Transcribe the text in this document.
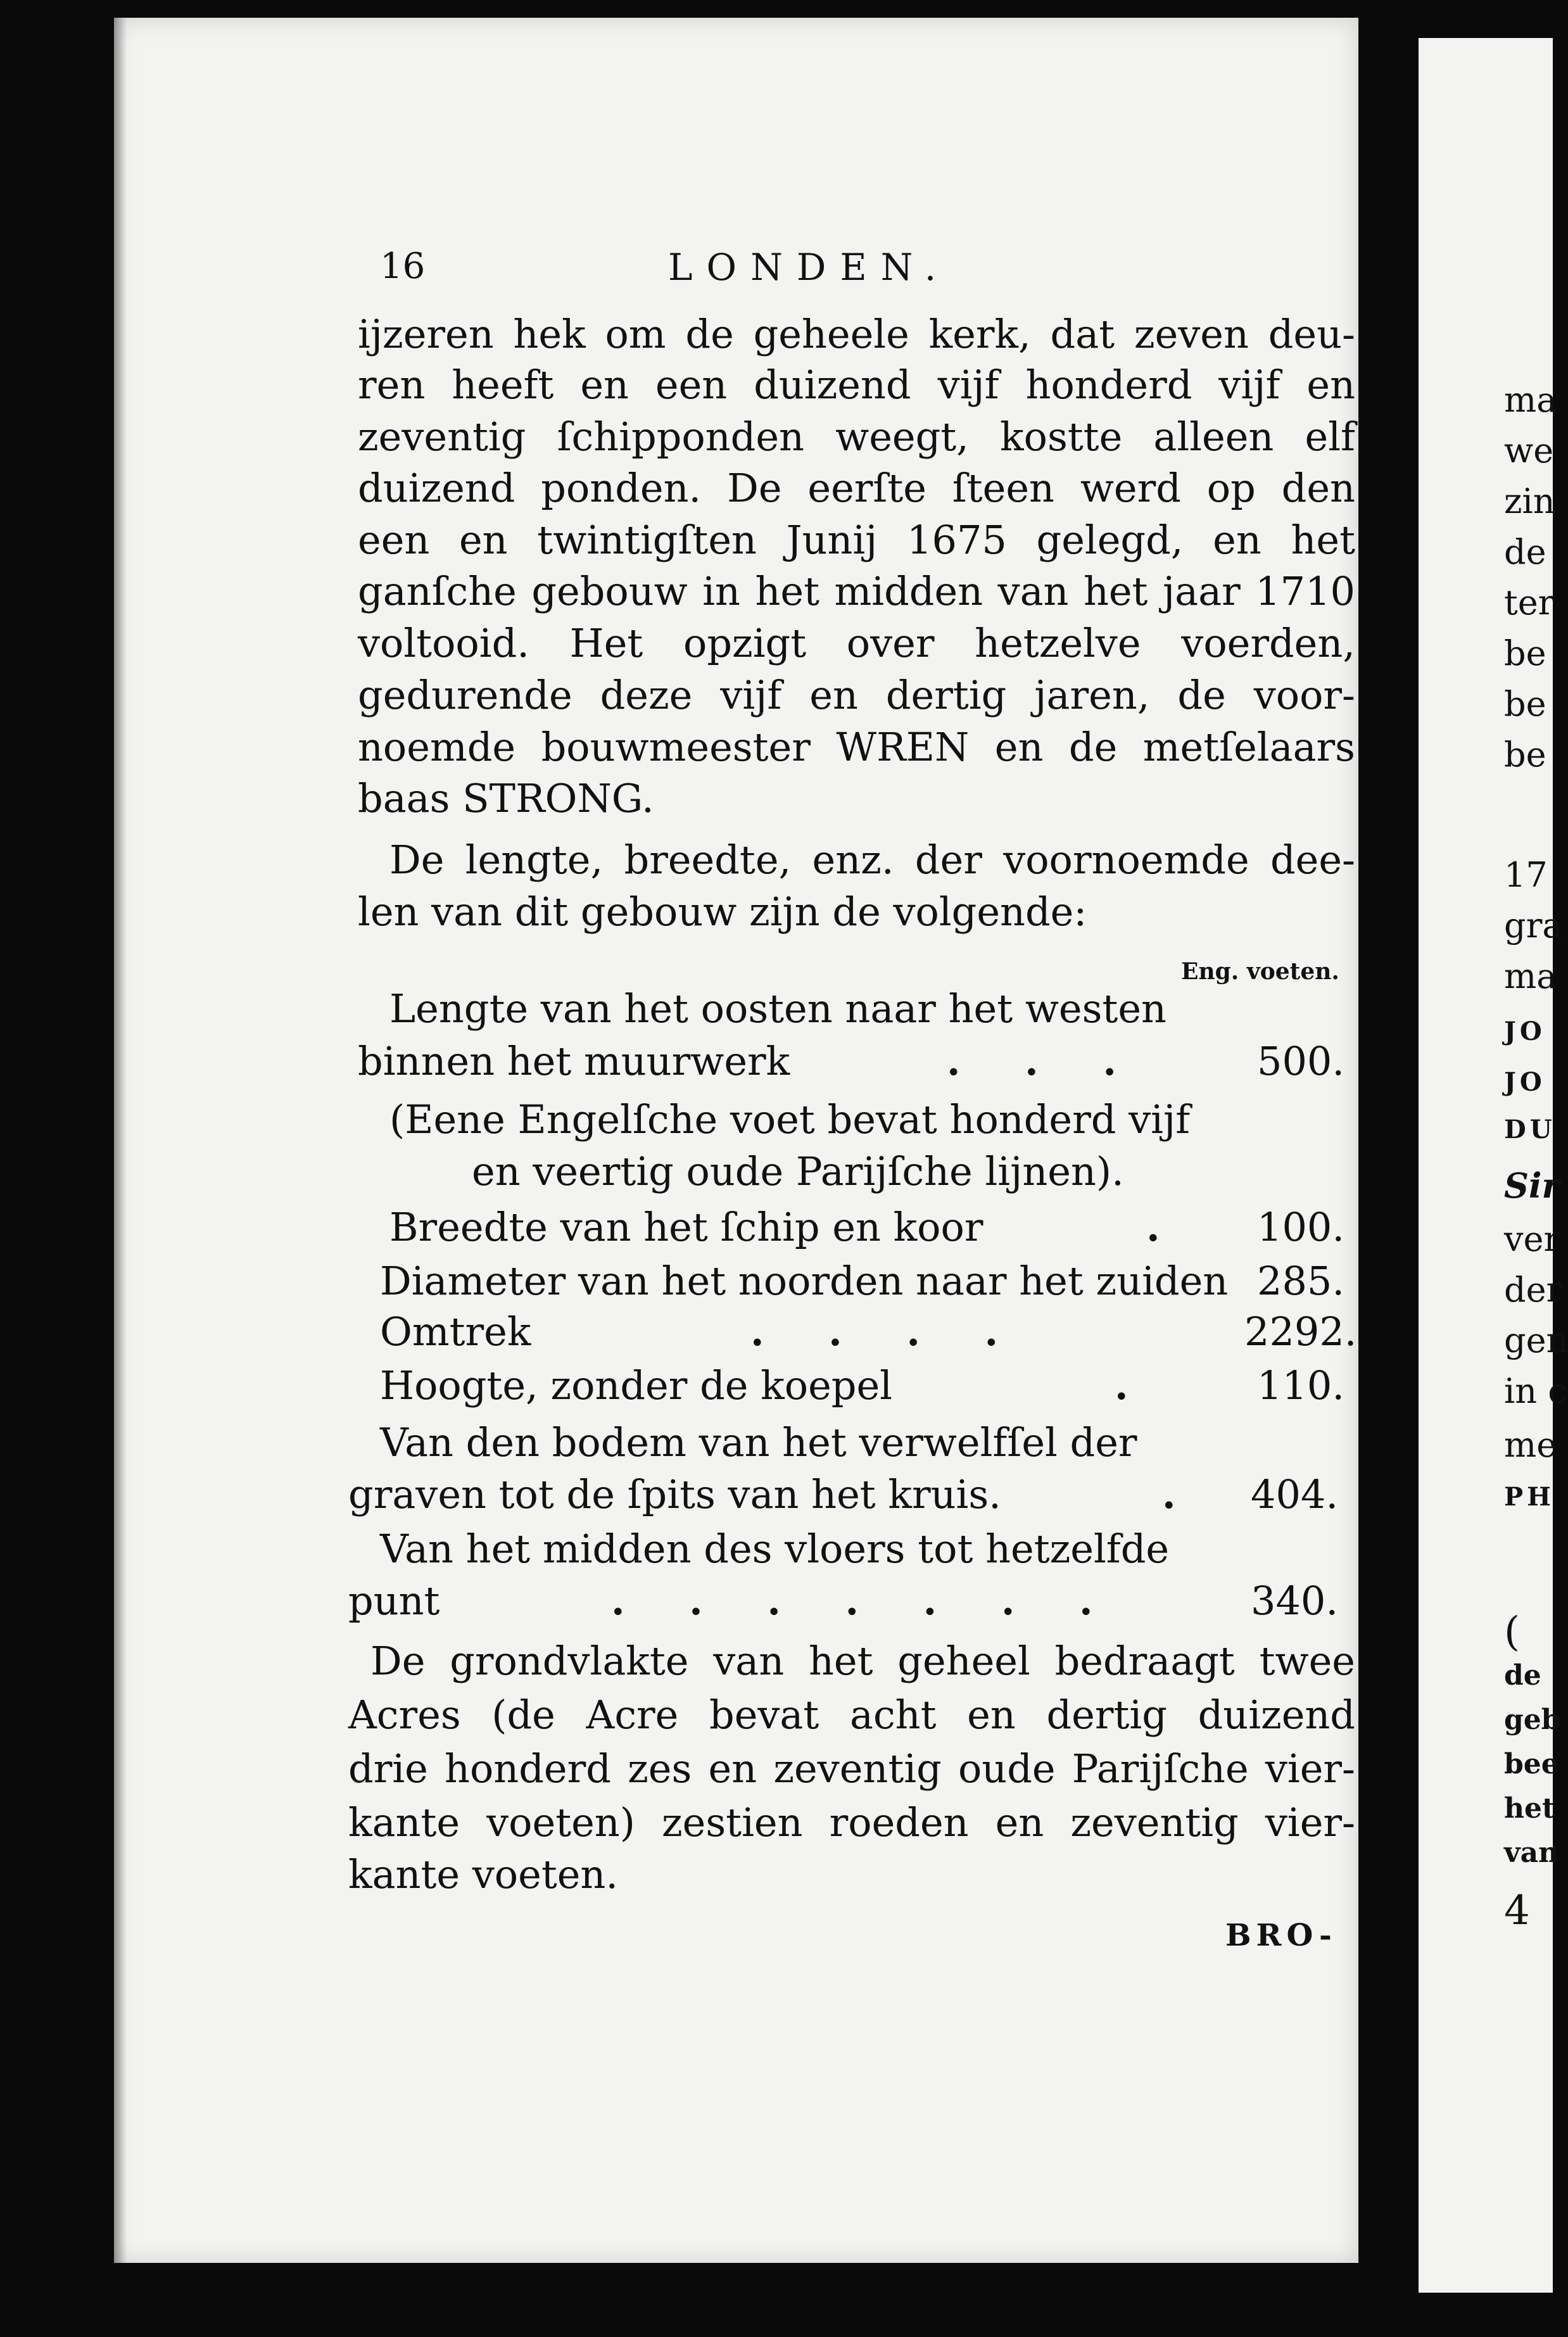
16	LONDEN.
ijzeren hek om de geheele kerk, dat zeven deu-
ren heeft en een duizend vijf honderd vijf en
zeventig ſchipponden weegt, kostte alleen elf
duizend ponden. De eerſte ſteen werd op den
een en twintigſten Junij 1675 gelegd, en het
ganſche gebouw in het midden van het jaar 1710
voltooid. Het opzigt over hetzelve voerden,
gedurende deze vijf en dertig jaren, de voor-
noemde bouwmeester WREN en de metſelaars
baas STRONG.
De lengte, breedte, enz. der voornoemde dee-
len van dit gebouw zijn de volgende:
Eng. voeten.
Lengte van het oosten naar het westen
binnen het muurwerk	. . .	500.
(Eene Engelſche voet bevat honderd vijf
en veertig oude Parijſche lijnen).
Breedte van het ſchip en koor	. 100.
Diameter van het noorden naar het zuiden 285.
Omtrek	. . . .	2292.
Hoogte, zonder de koepel	.	110.
Van den bodem van het verwelfſel der
graven tot de ſpits van het kruis.	. 404.
Van het midden des vloers tot hetzelfde
punt	. . . . . . .	340.
De grondvlakte van het geheel bedraagt twee
Acres (de Acre bevat acht en dertig duizend
drie honderd zes en zeventig oude Parijſche vier-
kante voeten) zestien roeden en zeventig vier-
kante voeten.
BRO-
ma
we
zin
de
ter
be
be
be
17
gra
ma
JO
JO
DU
Sir
ver
der
gen
in c
me
PH
(
de
geb
bee
het
van
4
